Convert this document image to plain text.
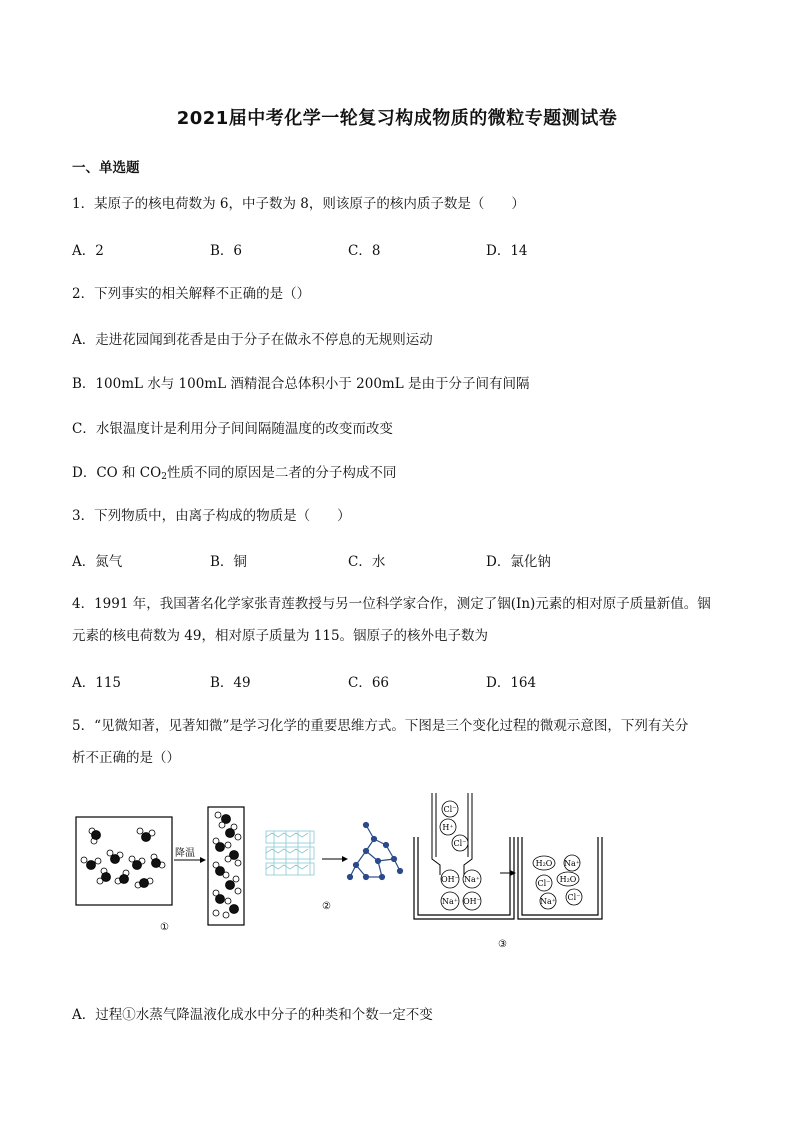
2021届中考化学一轮复习构成物质的微粒专题测试卷
一、单选题
1．某原子的核电荷数为 6，中子数为 8，则该原子的核内质子数是（　　）
A．2	B．6	C．8	D．14
2．下列事实的相关解释不正确的是（）
A．走进花园闻到花香是由于分子在做永不停息的无规则运动
B．100mL 水与 100mL 酒精混合总体积小于 200mL 是由于分子间有间隔
C．水银温度计是利用分子间间隔随温度的改变而改变
D．CO 和 $CO_2$性质不同的原因是二者的分子构成不同
3．下列物质中，由离子构成的物质是（　　）
A．氮气	B．铜	C．水	D．氯化钠
4．1991 年，我国著名化学家张青莲教授与另一位科学家合作，测定了铟(In)元素的相对原子质量新值。铟
元素的核电荷数为 49，相对原子质量为 115。铟原子的核外电子数为
A．115	B．49	C．66	D．164
5．“见微知著，见著知微”是学习化学的重要思维方式。下图是三个变化过程的微观示意图，下列有关分
析不正确的是（）
降温
①
②
Cl⁻
H⁺
Cl⁻
OH⁻ Na⁺
Na⁺ OH⁻
H₂O Na⁺
Cl⁻ H₂O
Na⁺ Cl⁻
③
A．过程①水蒸气降温液化成水中分子的种类和个数一定不变
